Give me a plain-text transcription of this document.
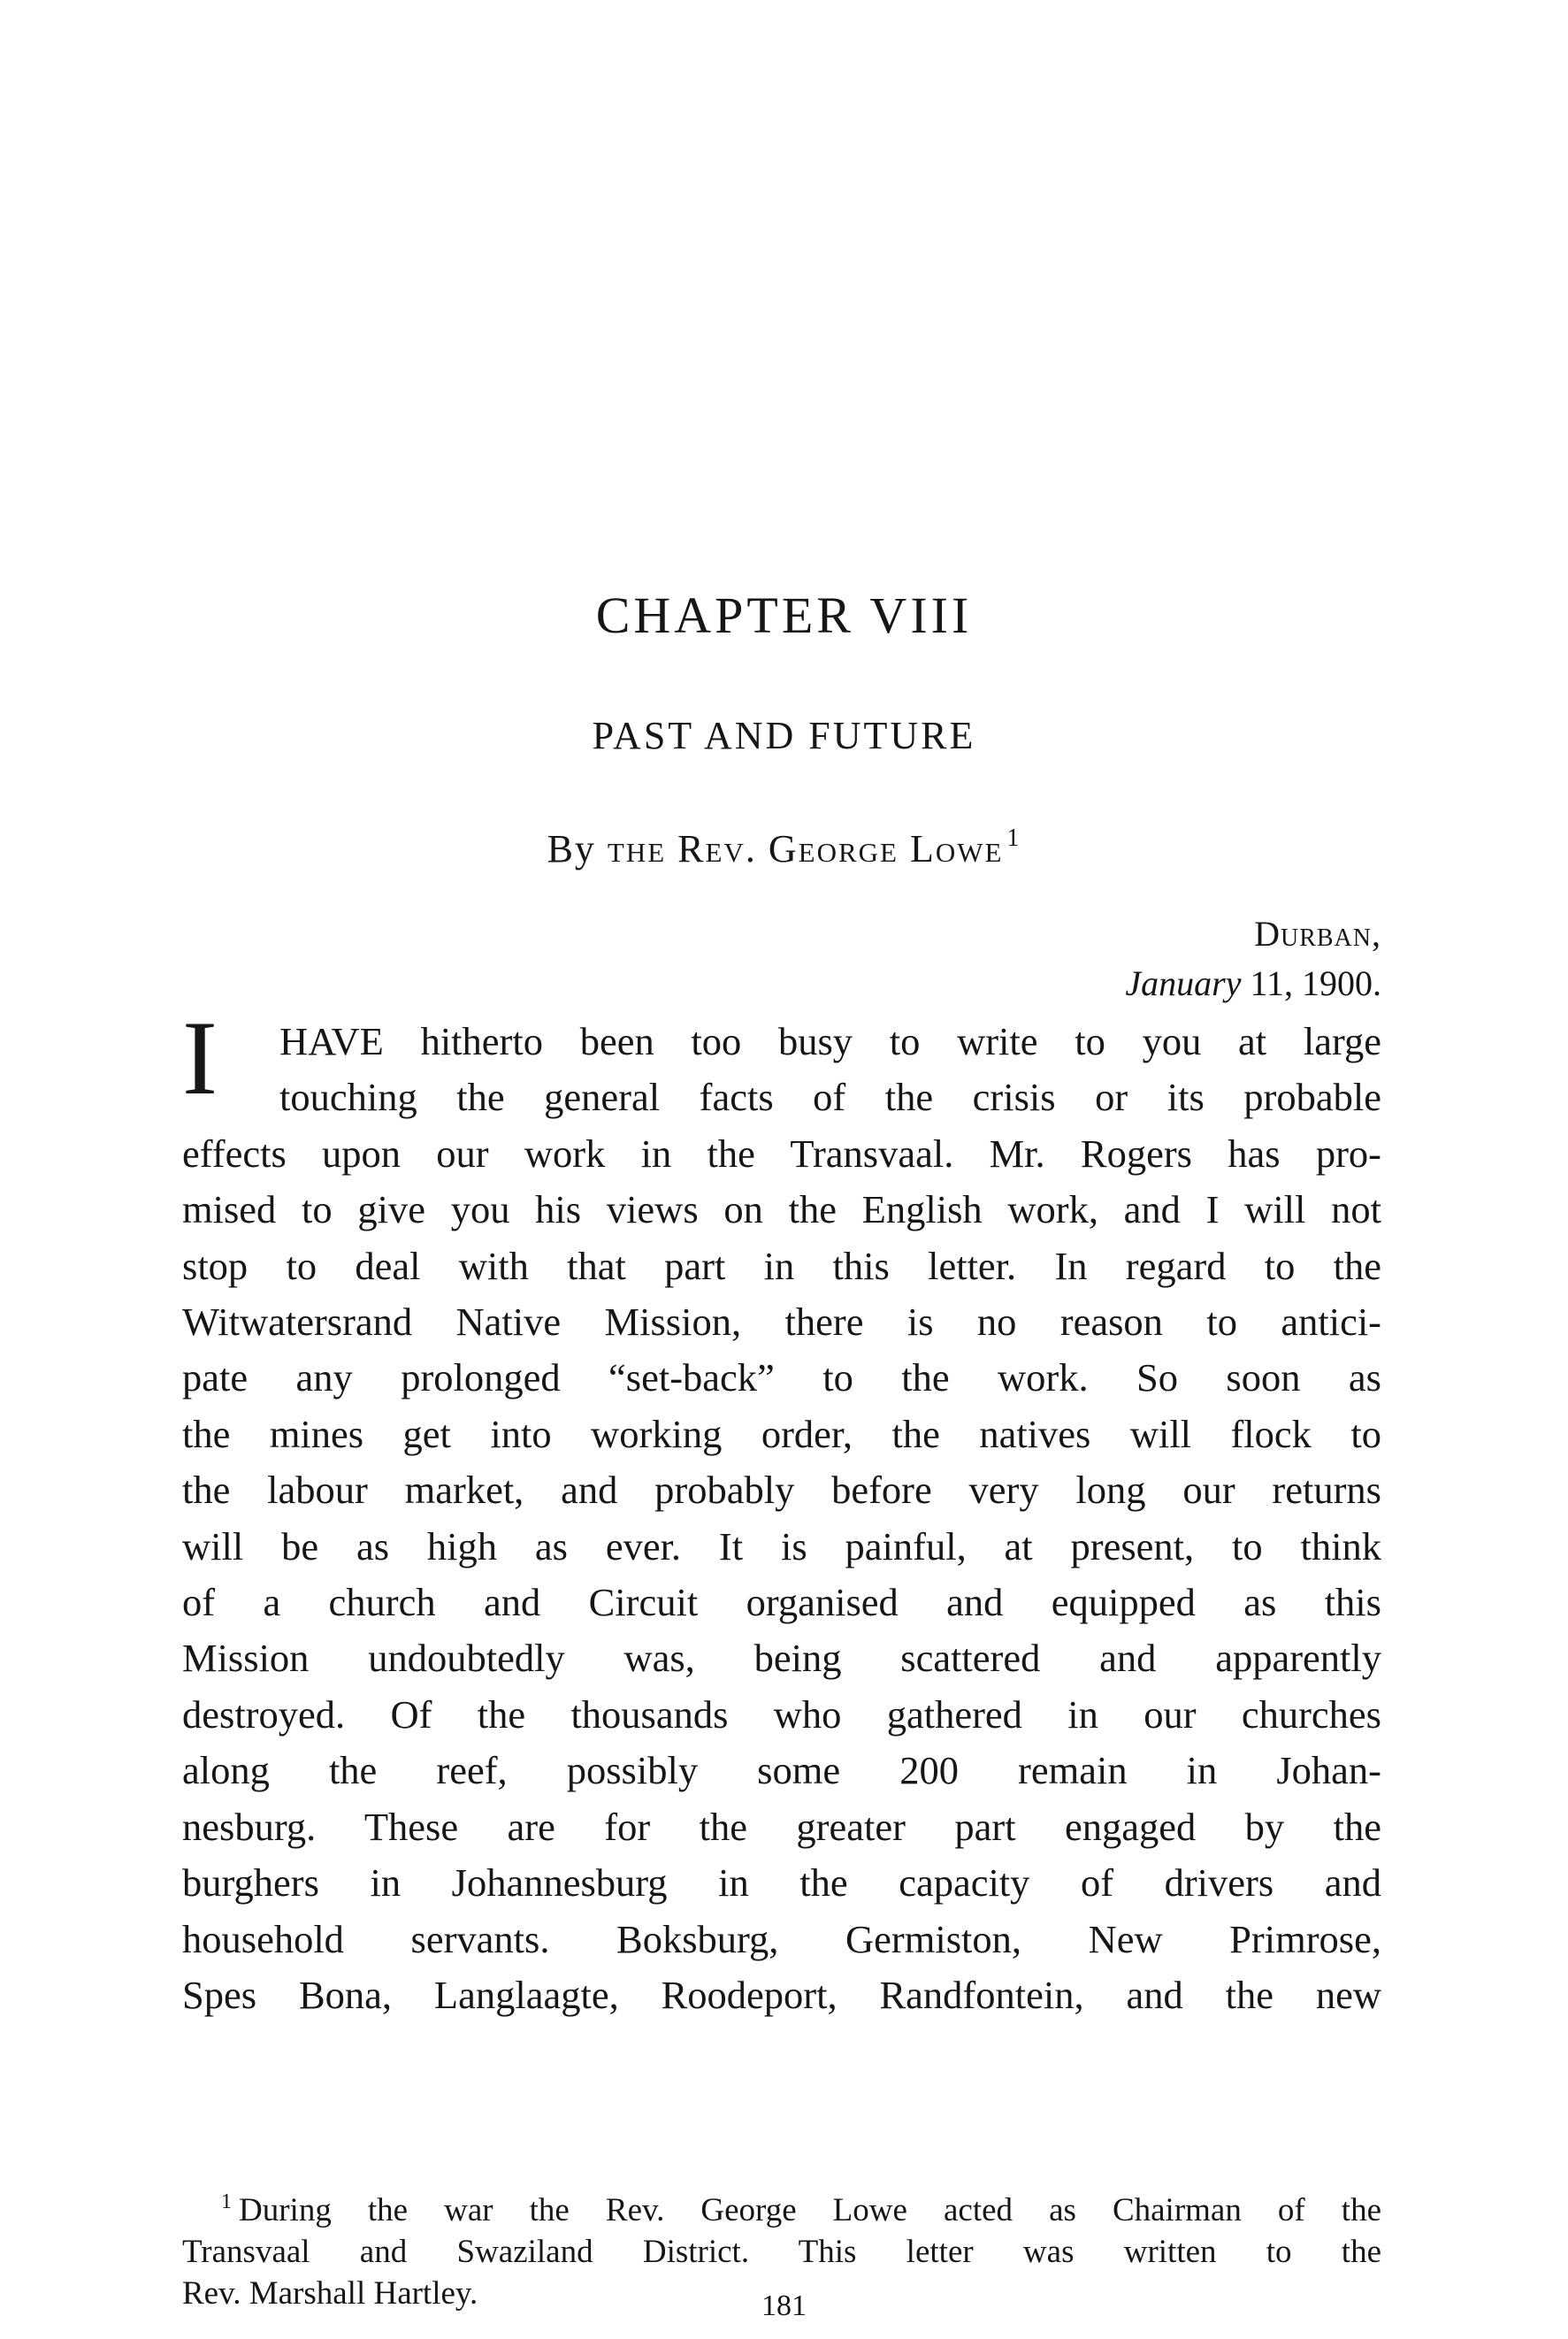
CHAPTER VIII
PAST AND FUTURE

By the Rev. George Lowe $^1$

Durban,

January 11, 1900.

I	HAVE hitherto been too busy to write to you at large
touching the general facts of the crisis or its probable
effects upon our work in the Transvaal. Mr. Rogers has pro-
mised to give you his views on the English work, and I will not
stop to deal with that part in this letter. In regard to the
Witwatersrand Native Mission, there is no reason to antici-
pate any prolonged “set-back” to the work. So soon as
the mines get into working order, the natives will flock to
the labour market, and probably before very long our returns
will be as high as ever. It is painful, at present, to think
of a church and Circuit organised and equipped as this
Mission undoubtedly was, being scattered and apparently
destroyed. Of the thousands who gathered in our churches
along the reef, possibly some 200 remain in Johan-
nesburg. These are for the greater part engaged by the
burghers in Johannesburg in the capacity of drivers and
household servants. Boksburg, Germiston, New Primrose,
Spes Bona, Langlaagte, Roodeport, Randfontein, and the new
$^1$ During the war the Rev. George Lowe acted as Chairman of the
Transvaal and Swaziland District. This letter was written to the
Rev. Marshall Hartley.	181
